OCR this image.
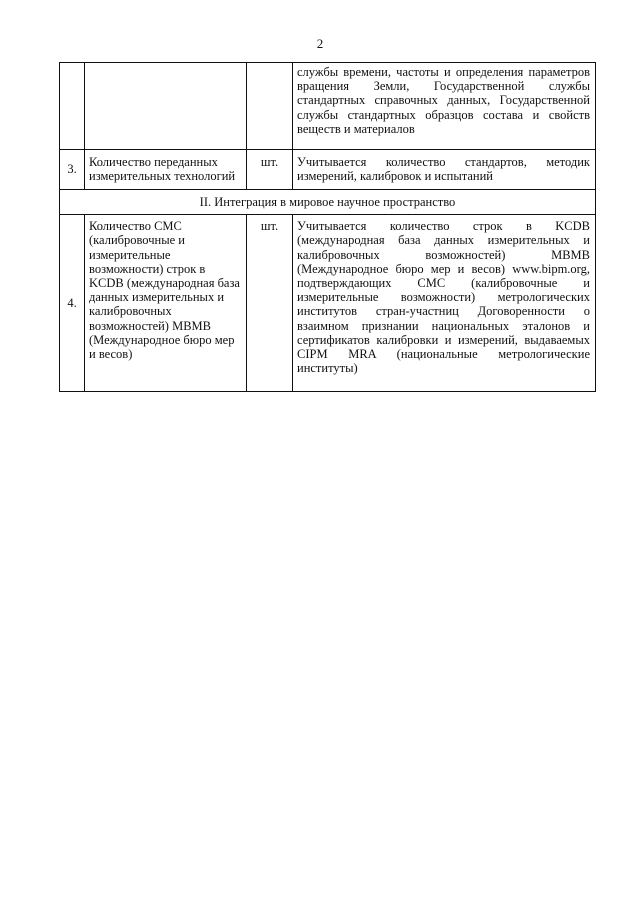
2
			службы времени, частоты и определения параметров вращения Земли, Государственной службы стандартных справочных данных, Государственной службы стандартных образцов состава и свойств веществ и материалов
3.	Количество переданных измерительных технологий	шт.	Учитывается количество стандартов, методик измерений, калибровок и испытаний
II. Интеграция в мировое научное пространство			
4.	Количество CMC (калибровочные и измерительные возможности) строк в KCDB (международная база данных измерительных и калибровочных возможностей) MBMB (Международное бюро мер и весов)	шт.	Учитывается количество строк в KCDB (международная база данных измерительных и калибровочных возможностей) MBMB (Международное бюро мер и весов) www.bipm.org, подтверждающих CMC (калибровочные и измерительные возможности) метрологических институтов стран-участниц Договоренности о взаимном признании национальных эталонов и сертификатов калибровки и измерений, выдаваемых CIPM MRA (национальные метрологические институты)
